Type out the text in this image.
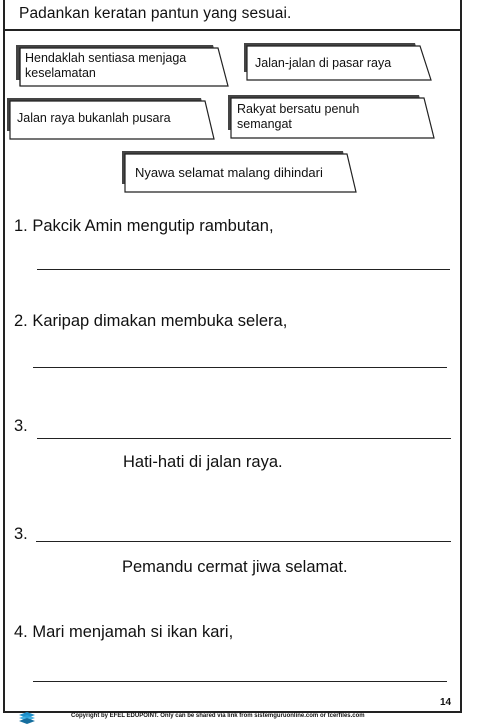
Padankan keratan pantun yang sesuai.
Hendaklah sentiasa menjaga keselamatan
Jalan-jalan di pasar raya
Jalan raya bukanlah pusara
Rakyat bersatu penuh semangat
Nyawa selamat malang dihindari
1. Pakcik Amin mengutip rambutan,
2. Karipap dimakan membuka selera,
3.
Hati-hati di jalan raya.
3.
Pemandu cermat jiwa selamat.
4. Mari menjamah si ikan kari,
14
Copyright by EFEL EDUPOINT. Only can be shared via link from sistemguruonline.com or tcerfiles.com
